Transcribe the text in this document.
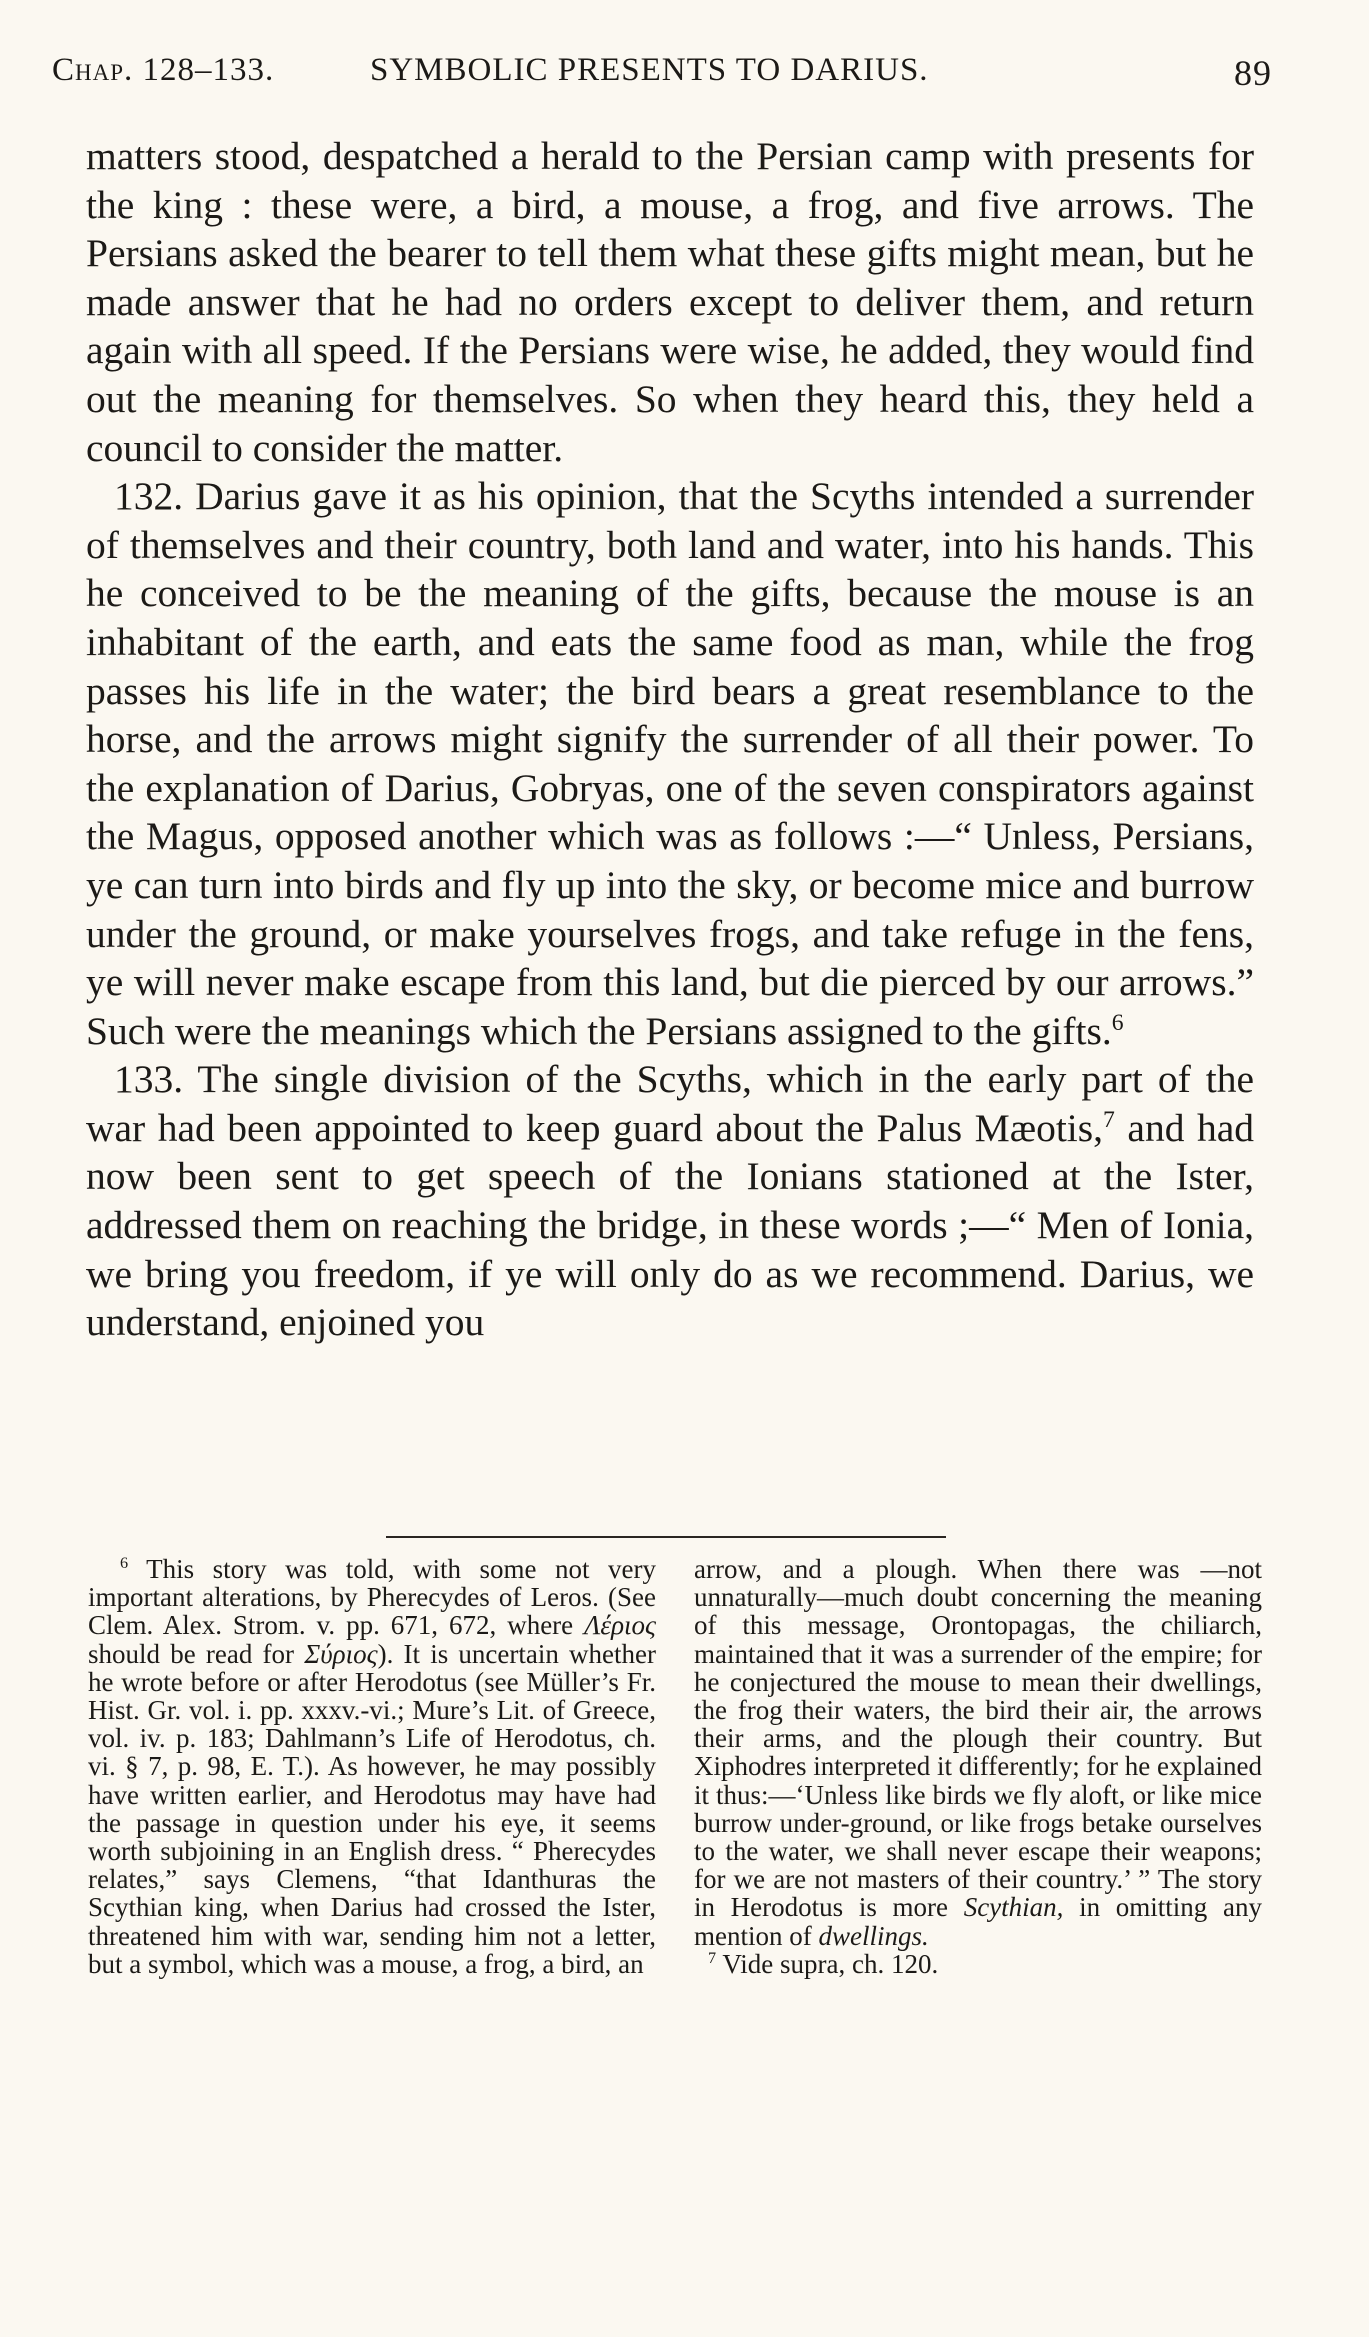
Chap. 128–133.	SYMBOLIC PRESENTS TO DARIUS.	89

matters stood, despatched a herald to the Persian camp with presents for the king : these were, a bird, a mouse, a frog, and five arrows. The Persians asked the bearer to tell them what these gifts might mean, but he made answer that he had no orders except to deliver them, and return again with all speed. If the Persians were wise, he added, they would find out the meaning for themselves. So when they heard this, they held a council to consider the matter.

132. Darius gave it as his opinion, that the Scyths intended a surrender of themselves and their country, both land and water, into his hands. This he conceived to be the meaning of the gifts, because the mouse is an inhabitant of the earth, and eats the same food as man, while the frog passes his life in the water; the bird bears a great resemblance to the horse, and the arrows might signify the surrender of all their power. To the explanation of Darius, Gobryas, one of the seven conspirators against the Magus, opposed another which was as follows :—“ Unless, Persians, ye can turn into birds and fly up into the sky, or become mice and burrow under the ground, or make yourselves frogs, and take refuge in the fens, ye will never make escape from this land, but die pierced by our arrows.” Such were the meanings which the Persians assigned to the gifts.$^6$

133. The single division of the Scyths, which in the early part of the war had been appointed to keep guard about the Palus Mæotis,$^7$ and had now been sent to get speech of the Ionians stationed at the Ister, addressed them on reaching the bridge, in these words ;—“ Men of Ionia, we bring you freedom, if ye will only do as we recommend. Darius, we understand, enjoined you

$^6$ This story was told, with some not very important alterations, by Pherecydes of Leros. (See Clem. Alex. Strom. v. pp. 671, 672, where Λέριος should be read for Σύριος). It is uncertain whether he wrote before or after Herodotus (see Müller’s Fr. Hist. Gr. vol. i. pp. xxxv.-vi.; Mure’s Lit. of Greece, vol. iv. p. 183; Dahlmann’s Life of Herodotus, ch. vi. § 7, p. 98, E. T.). As however, he may possibly have written earlier, and Herodotus may have had the passage in question under his eye, it seems worth subjoining in an English dress. “ Pherecydes relates,” says Clemens, “that Idanthuras the Scythian king, when Darius had crossed the Ister, threatened him with war, sending him not a letter, but a symbol, which was a mouse, a frog, a bird, an

arrow, and a plough. When there was —not unnaturally—much doubt concerning the meaning of this message, Orontopagas, the chiliarch, maintained that it was a surrender of the empire; for he conjectured the mouse to mean their dwellings, the frog their waters, the bird their air, the arrows their arms, and the plough their country. But Xiphodres interpreted it differently; for he explained it thus:—‘Unless like birds we fly aloft, or like mice burrow under-ground, or like frogs betake ourselves to the water, we shall never escape their weapons; for we are not masters of their country.’ ” The story in Herodotus is more Scythian, in omitting any mention of dwellings.

$^7$ Vide supra, ch. 120.
